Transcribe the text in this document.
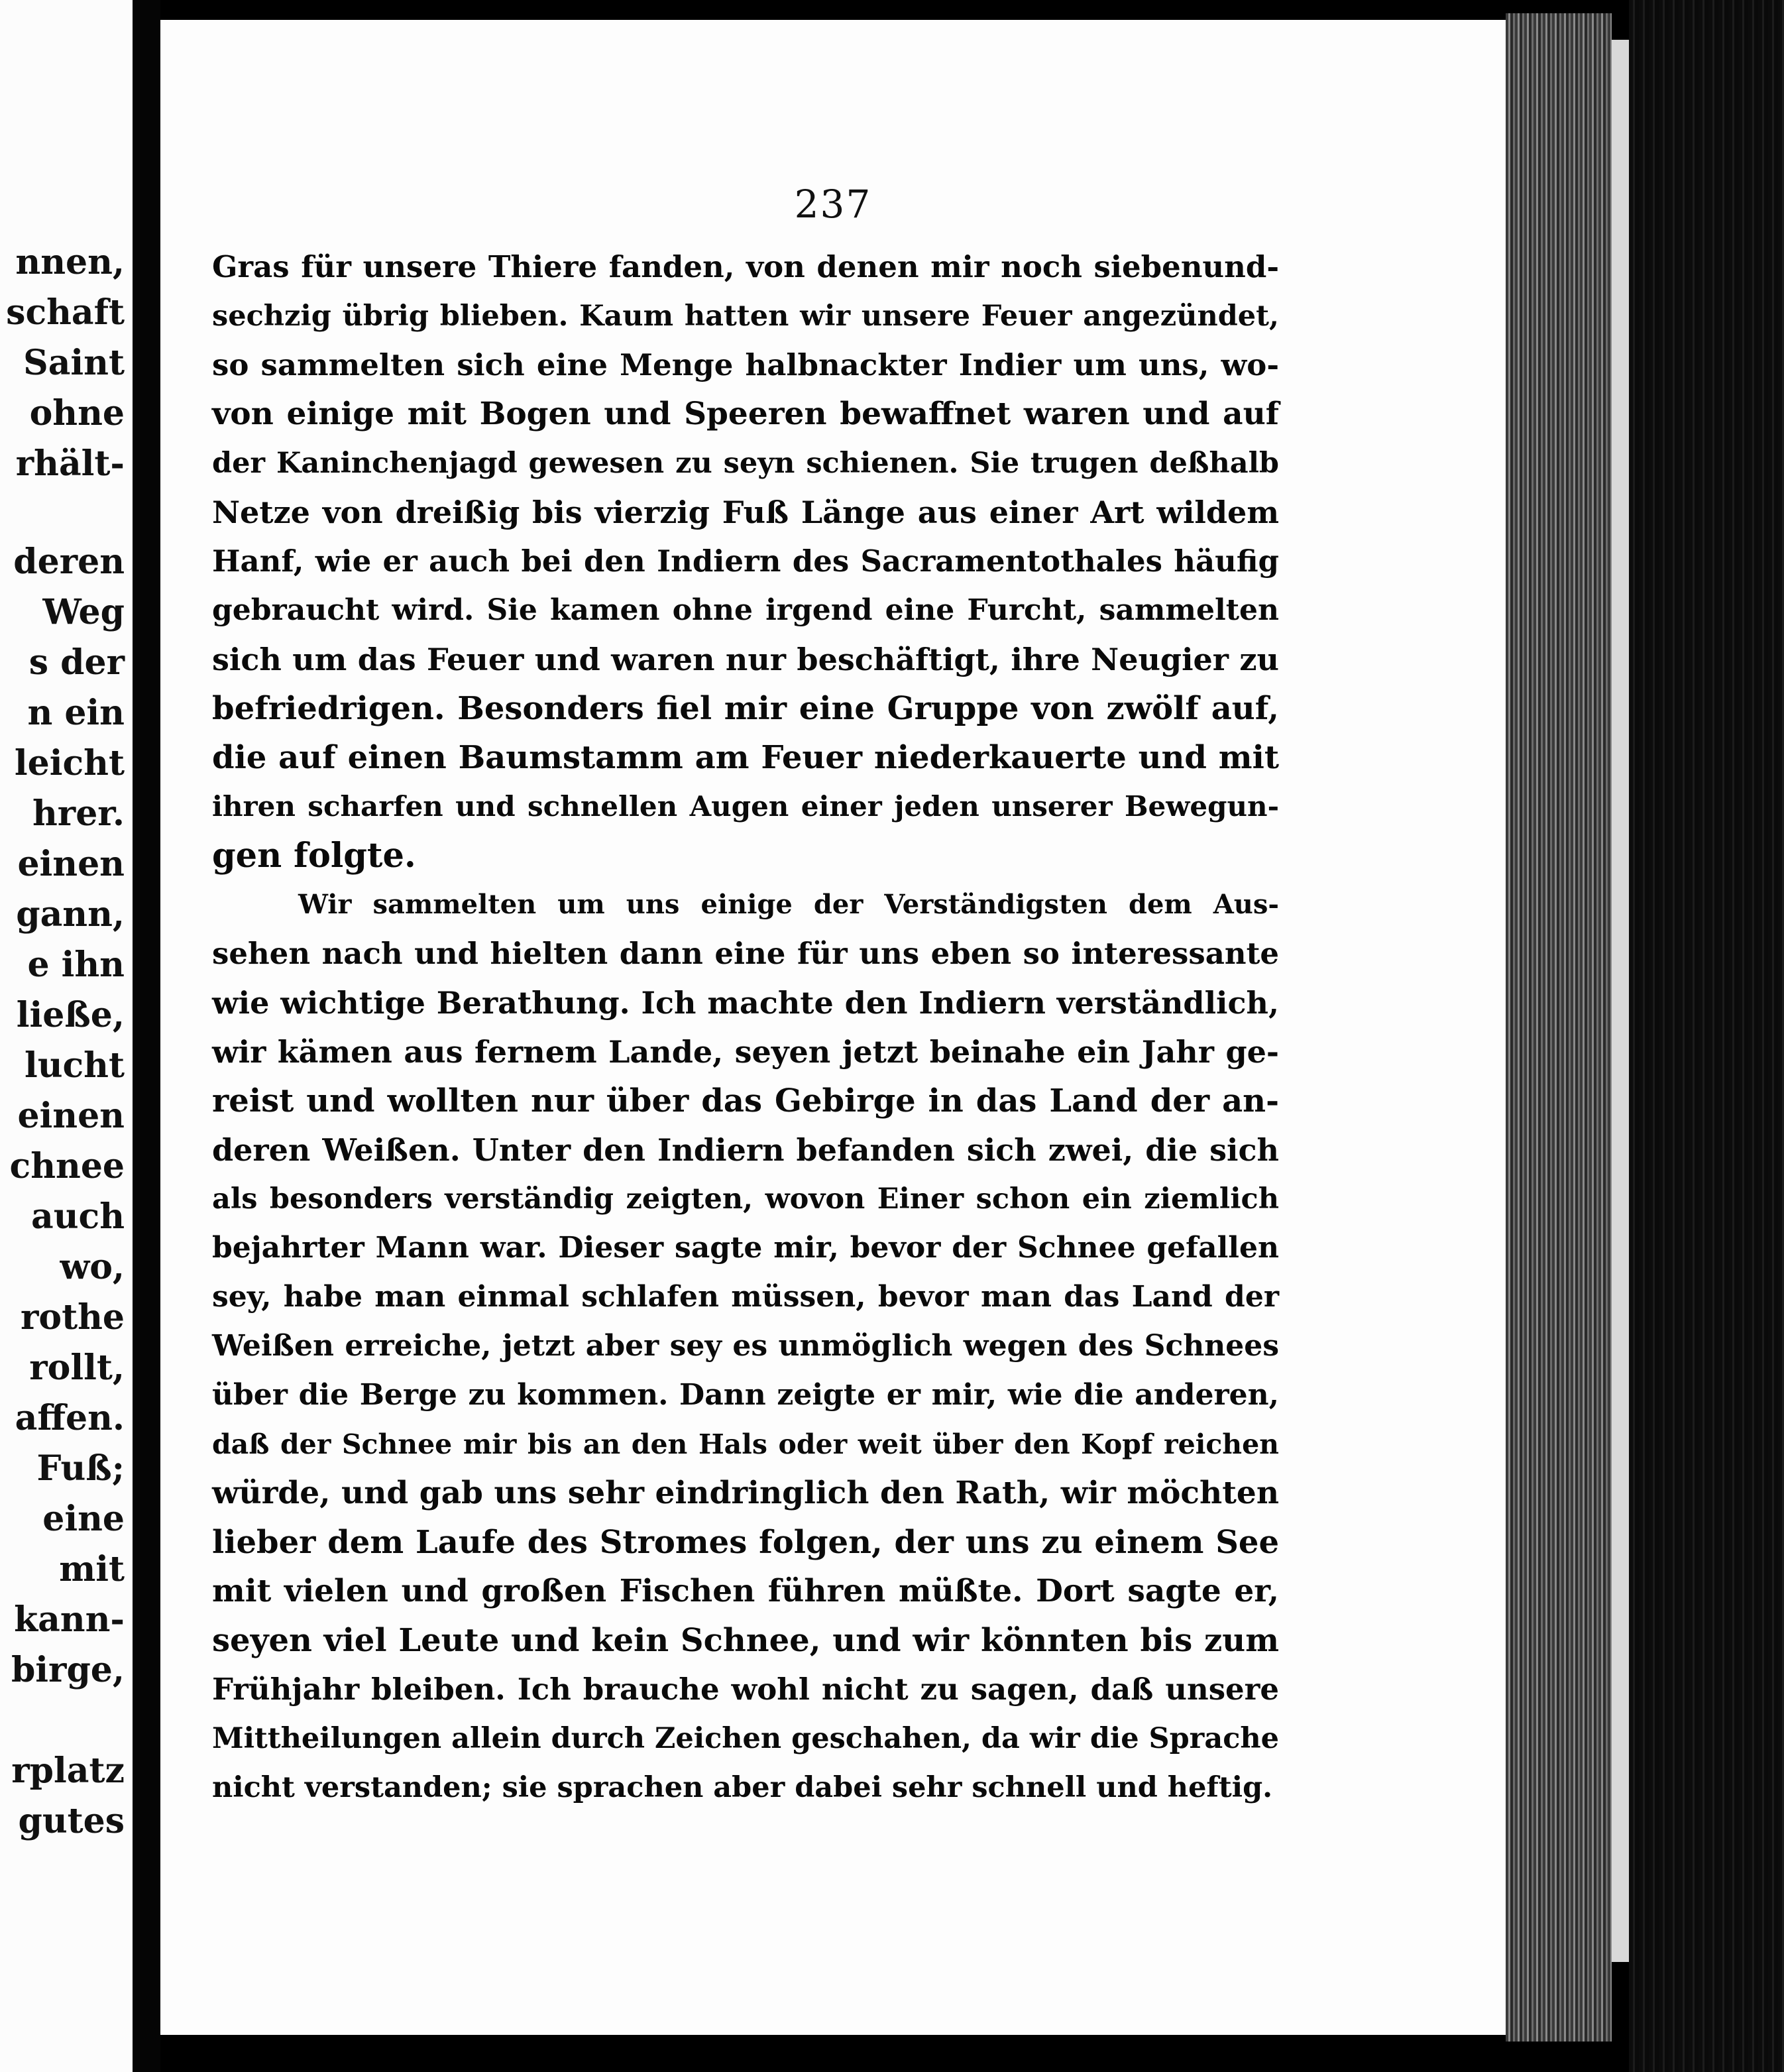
nnen,
schaft
Saint
ohne
rhält-
deren
Weg
s der
n ein
leicht
hrer.
einen
gann,
e ihn
ließe,
lucht
einen
chnee
auch
wo,
rothe
rollt,
affen.
Fuß;
eine
mit
kann-
birge,
rplatz
gutes
237
Gras für unsere Thiere fanden, von denen mir noch siebenund-
sechzig übrig blieben. Kaum hatten wir unsere Feuer angezündet,
so sammelten sich eine Menge halbnackter Indier um uns, wo-
von einige mit Bogen und Speeren bewaffnet waren und auf
der Kaninchenjagd gewesen zu seyn schienen. Sie trugen deßhalb
Netze von dreißig bis vierzig Fuß Länge aus einer Art wildem
Hanf, wie er auch bei den Indiern des Sacramentothales häufig
gebraucht wird. Sie kamen ohne irgend eine Furcht, sammelten
sich um das Feuer und waren nur beschäftigt, ihre Neugier zu
befriedrigen. Besonders fiel mir eine Gruppe von zwölf auf,
die auf einen Baumstamm am Feuer niederkauerte und mit
ihren scharfen und schnellen Augen einer jeden unserer Bewegun-
gen folgte.
Wir sammelten um uns einige der Verständigsten dem Aus-
sehen nach und hielten dann eine für uns eben so interessante
wie wichtige Berathung. Ich machte den Indiern verständlich,
wir kämen aus fernem Lande, seyen jetzt beinahe ein Jahr ge-
reist und wollten nur über das Gebirge in das Land der an-
deren Weißen. Unter den Indiern befanden sich zwei, die sich
als besonders verständig zeigten, wovon Einer schon ein ziemlich
bejahrter Mann war. Dieser sagte mir, bevor der Schnee gefallen
sey, habe man einmal schlafen müssen, bevor man das Land der
Weißen erreiche, jetzt aber sey es unmöglich wegen des Schnees
über die Berge zu kommen. Dann zeigte er mir, wie die anderen,
daß der Schnee mir bis an den Hals oder weit über den Kopf reichen
würde, und gab uns sehr eindringlich den Rath, wir möchten
lieber dem Laufe des Stromes folgen, der uns zu einem See
mit vielen und großen Fischen führen müßte. Dort sagte er,
seyen viel Leute und kein Schnee, und wir könnten bis zum
Frühjahr bleiben. Ich brauche wohl nicht zu sagen, daß unsere
Mittheilungen allein durch Zeichen geschahen, da wir die Sprache
nicht verstanden; sie sprachen aber dabei sehr schnell und heftig.
